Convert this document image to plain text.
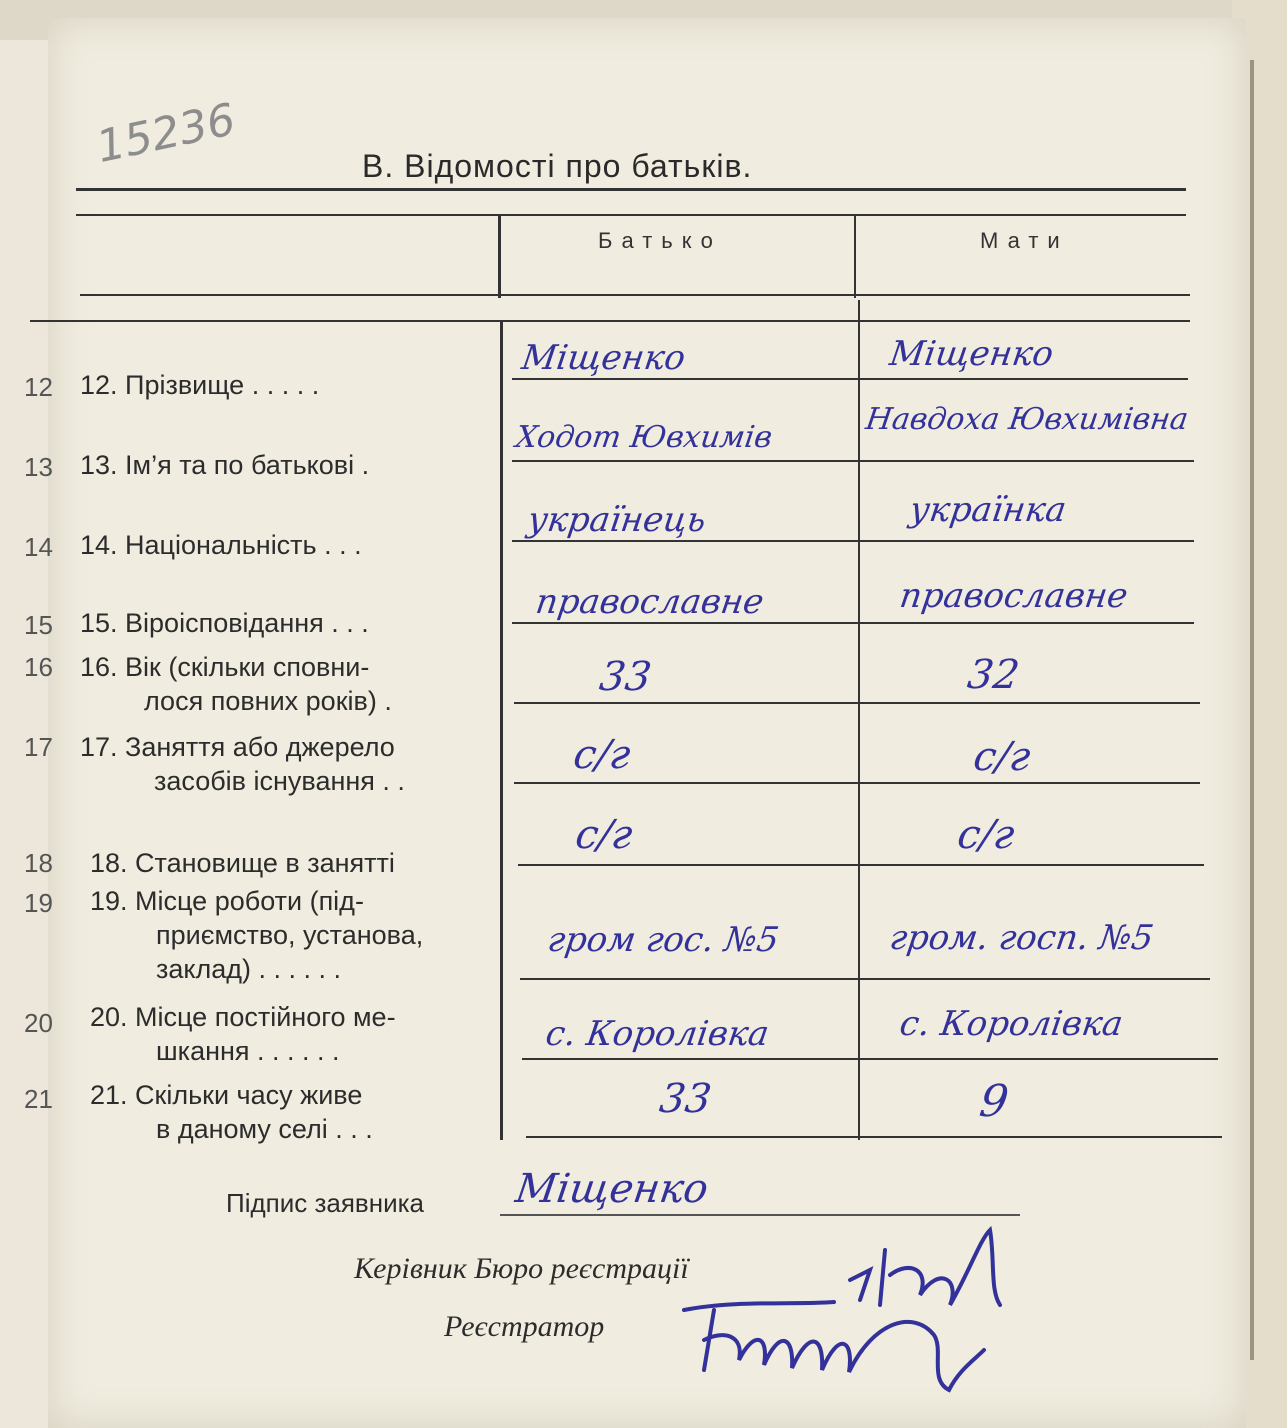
12
13
14
15
16
17
18
19
20
21
15236	В. Відомості про батьків.
Батько	Мати
12. Прізвище . . . . .
13. Ім’я та по батькові .
14. Національність . . .
15. Віроісповідання . . .
16. Вік (скільки сповни-
лося повних років) .
17. Заняття або джерело
засобів існування . .
18. Становище в занятті
19. Місце роботи (під-
приємство, установа,
заклад) . . . . . .
20. Місце постійного ме-
шкання . . . . . .
21. Скільки часу живе
в даному селі . . .
Міщенко
Ходот Ювхимів
українець
православне
33
с/г
с/г
гром гос. №5
с. Королівка
33
Міщенко
Навдоха Ювхимівна
українка
православне
32
с/г
с/г
гром. госп. №5
с. Королівка
9
Підпис заявника Міщенко
Керівник Бюро реєстрації
Реєстратор
